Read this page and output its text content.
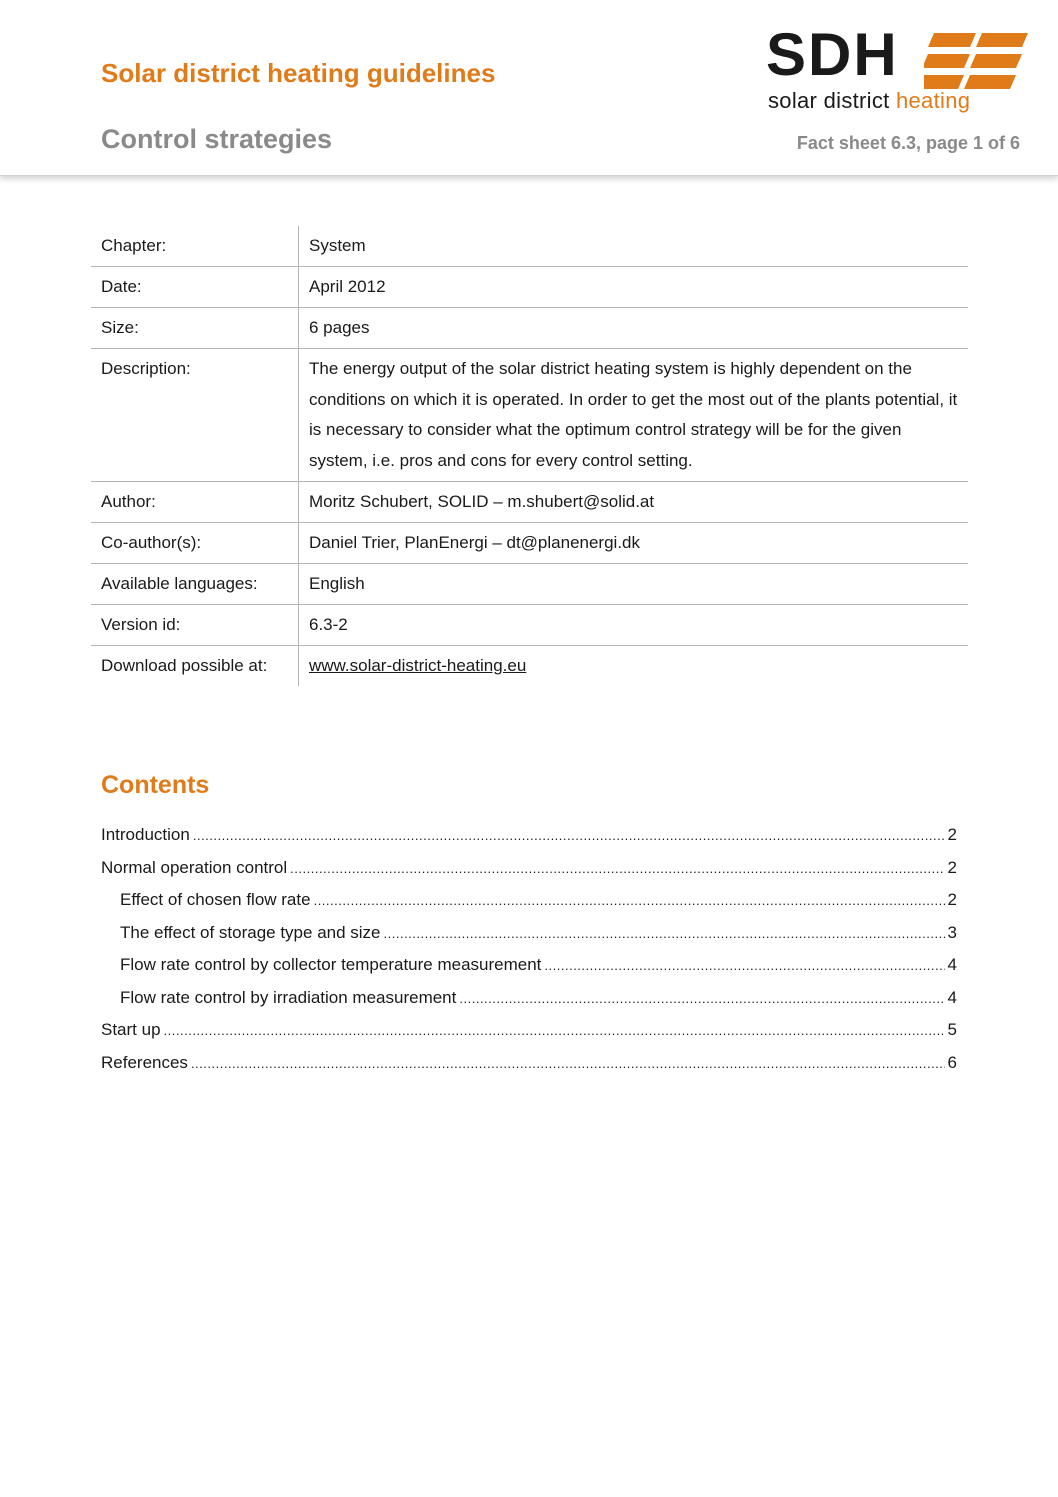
Solar district heating guidelines
Control strategies	Fact sheet 6.3, page 1 of 6
SDH
solar district heating
Chapter:	System
Date:	April 2012
Size:	6 pages
Description:	The energy output of the solar district heating system is highly dependent on the conditions on which it is operated. In order to get the most out of the plants potential, it is necessary to consider what the optimum control strategy will be for the given system, i.e. pros and cons for every control setting.
Author:	Moritz Schubert, SOLID – m.shubert@solid.at
Co-author(s):	Daniel Trier, PlanEnergi – dt@planenergi.dk
Available languages:	English
Version id:	6.3-2
Download possible at:	www.solar-district-heating.eu
Contents
Introduction .....	2
Normal operation control .....	2
Effect of chosen flow rate .....	2
The effect of storage type and size .....	3
Flow rate control by collector temperature measurement .....	4
Flow rate control by irradiation measurement .....	4
Start up .....	5
References .....	6
